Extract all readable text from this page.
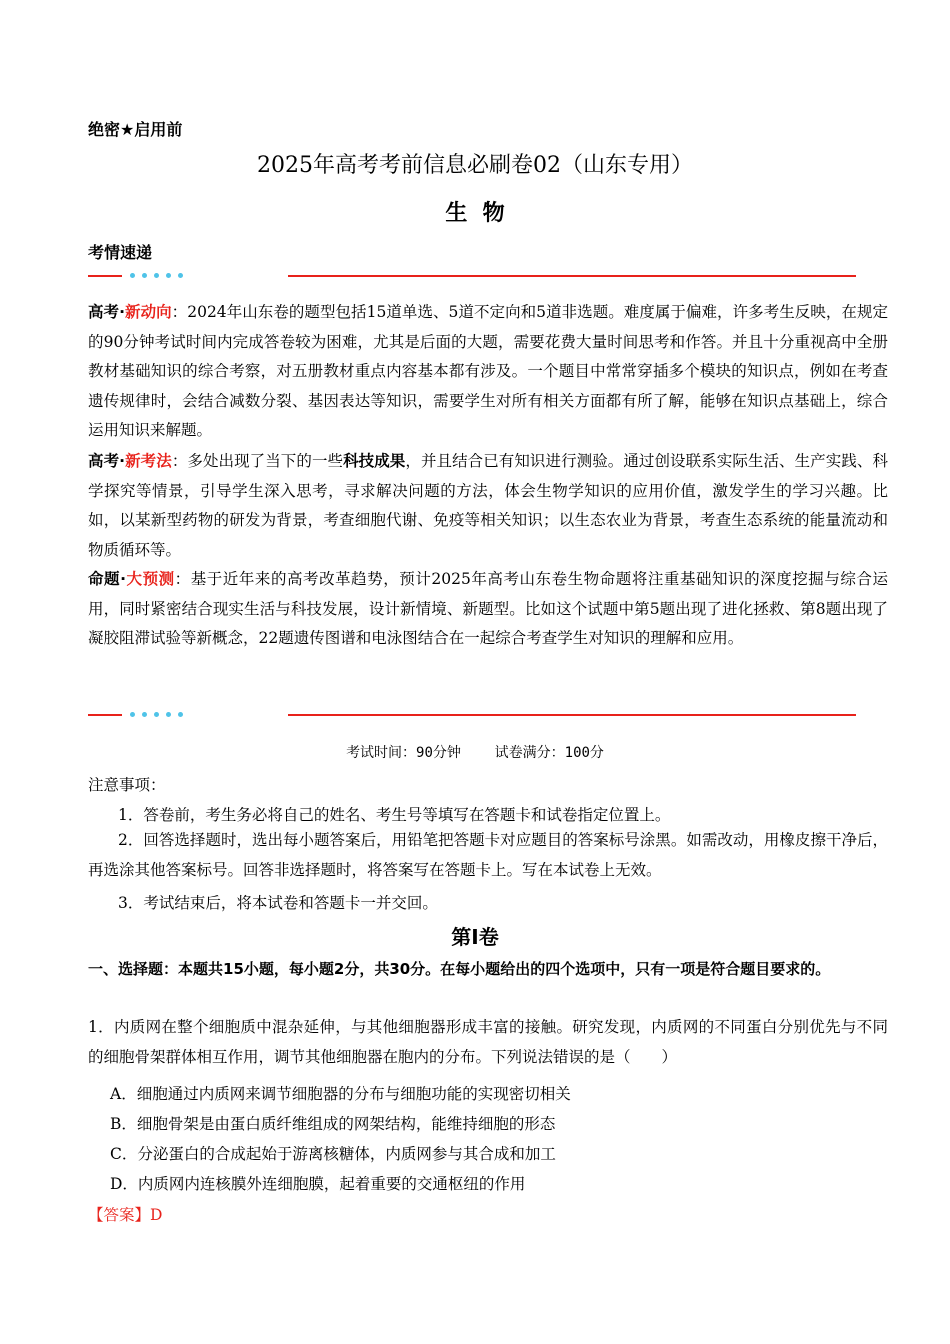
绝密★启用前
2025年高考考前信息必刷卷02（山东专用）
生  物
考情速递
高考·新动向：2024年山东卷的题型包括15道单选、5道不定向和5道非选题。难度属于偏难，许多考生反映，在规定的90分钟考试时间内完成答卷较为困难，尤其是后面的大题，需要花费大量时间思考和作答。并且十分重视高中全册教材基础知识的综合考察，对五册教材重点内容基本都有涉及。一个题目中常常穿插多个模块的知识点，例如在考查遗传规律时，会结合减数分裂、基因表达等知识，需要学生对所有相关方面都有所了解，能够在知识点基础上，综合运用知识来解题。
高考·新考法：多处出现了当下的一些科技成果，并且结合已有知识进行测验。通过创设联系实际生活、生产实践、科学探究等情景，引导学生深入思考，寻求解决问题的方法，体会生物学知识的应用价值，激发学生的学习兴趣。比如，以某新型药物的研发为背景，考查细胞代谢、免疫等相关知识；以生态农业为背景，考查生态系统的能量流动和物质循环等。
命题·大预测：基于近年来的高考改革趋势，预计2025年高考山东卷生物命题将注重基础知识的深度挖掘与综合运用，同时紧密结合现实生活与科技发展，设计新情境、新题型。比如这个试题中第5题出现了进化拯救、第8题出现了凝胶阻滞试验等新概念，22题遗传图谱和电泳图结合在一起综合考查学生对知识的理解和应用。
考试时间：90分钟    试卷满分：100分
注意事项：
1．答卷前，考生务必将自己的姓名、考生号等填写在答题卡和试卷指定位置上。
2．回答选择题时，选出每小题答案后，用铅笔把答题卡对应题目的答案标号涂黑。如需改动，用橡皮擦干净后，再选涂其他答案标号。回答非选择题时，将答案写在答题卡上。写在本试卷上无效。
3．考试结束后，将本试卷和答题卡一并交回。
第Ⅰ卷
一、选择题：本题共15小题，每小题2分，共30分。在每小题给出的四个选项中，只有一项是符合题目要求的。
1．内质网在整个细胞质中混杂延伸，与其他细胞器形成丰富的接触。研究发现，内质网的不同蛋白分别优先与不同的细胞骨架群体相互作用，调节其他细胞器在胞内的分布。下列说法错误的是（　　）
A．细胞通过内质网来调节细胞器的分布与细胞功能的实现密切相关
B．细胞骨架是由蛋白质纤维组成的网架结构，能维持细胞的形态
C．分泌蛋白的合成起始于游离核糖体，内质网参与其合成和加工
D．内质网内连核膜外连细胞膜，起着重要的交通枢纽的作用
【答案】D
